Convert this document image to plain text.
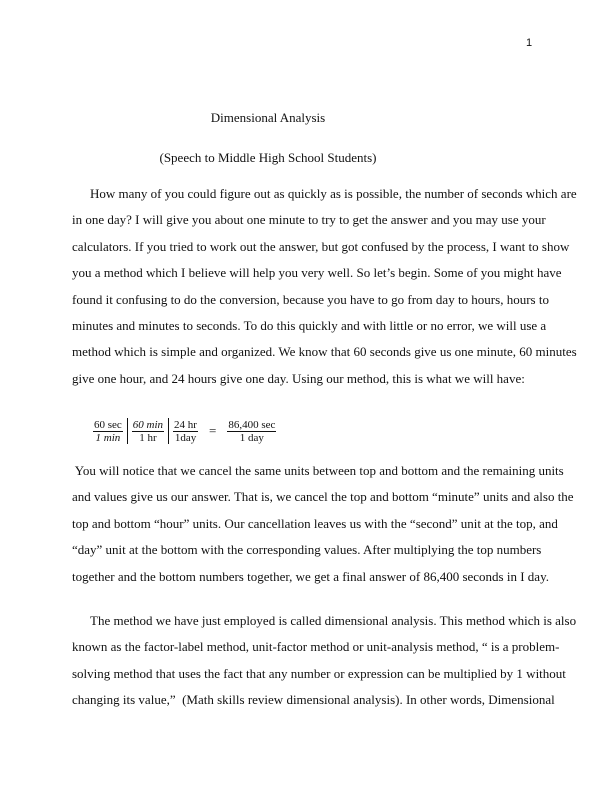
1
Dimensional Analysis
(Speech to Middle High School Students)
How many of you could figure out as quickly as is possible, the number of seconds which are
in one day? I will give you about one minute to try to get the answer and you may use your
calculators. If you tried to work out the answer, but got confused by the process, I want to show
you a method which I believe will help you very well. So let’s begin. Some of you might have
found it confusing to do the conversion, because you have to go from day to hours, hours to
minutes and minutes to seconds. To do this quickly and with little or no error, we will use a
method which is simple and organized. We know that 60 seconds give us one minute, 60 minutes
give one hour, and 24 hours give one day. Using our method, this is what we will have:
$\frac{60 \sec}{1 \min} \frac{60 \min}{1 hr} \frac{24 hr}{\text{1day}} = \frac{86,400 \sec}{\text{1 day}}$
You will notice that we cancel the same units between top and bottom and the remaining units
and values give us our answer. That is, we cancel the top and bottom “minute” units and also the
top and bottom “hour” units. Our cancellation leaves us with the “second” unit at the top, and
“day” unit at the bottom with the corresponding values. After multiplying the top numbers
together and the bottom numbers together, we get a final answer of 86,400 seconds in I day.
The method we have just employed is called dimensional analysis. This method which is also
known as the factor-label method, unit-factor method or unit-analysis method, “ is a problem-
solving method that uses the fact that any number or expression can be multiplied by 1 without
changing its value,”  (Math skills review dimensional analysis). In other words, Dimensional
